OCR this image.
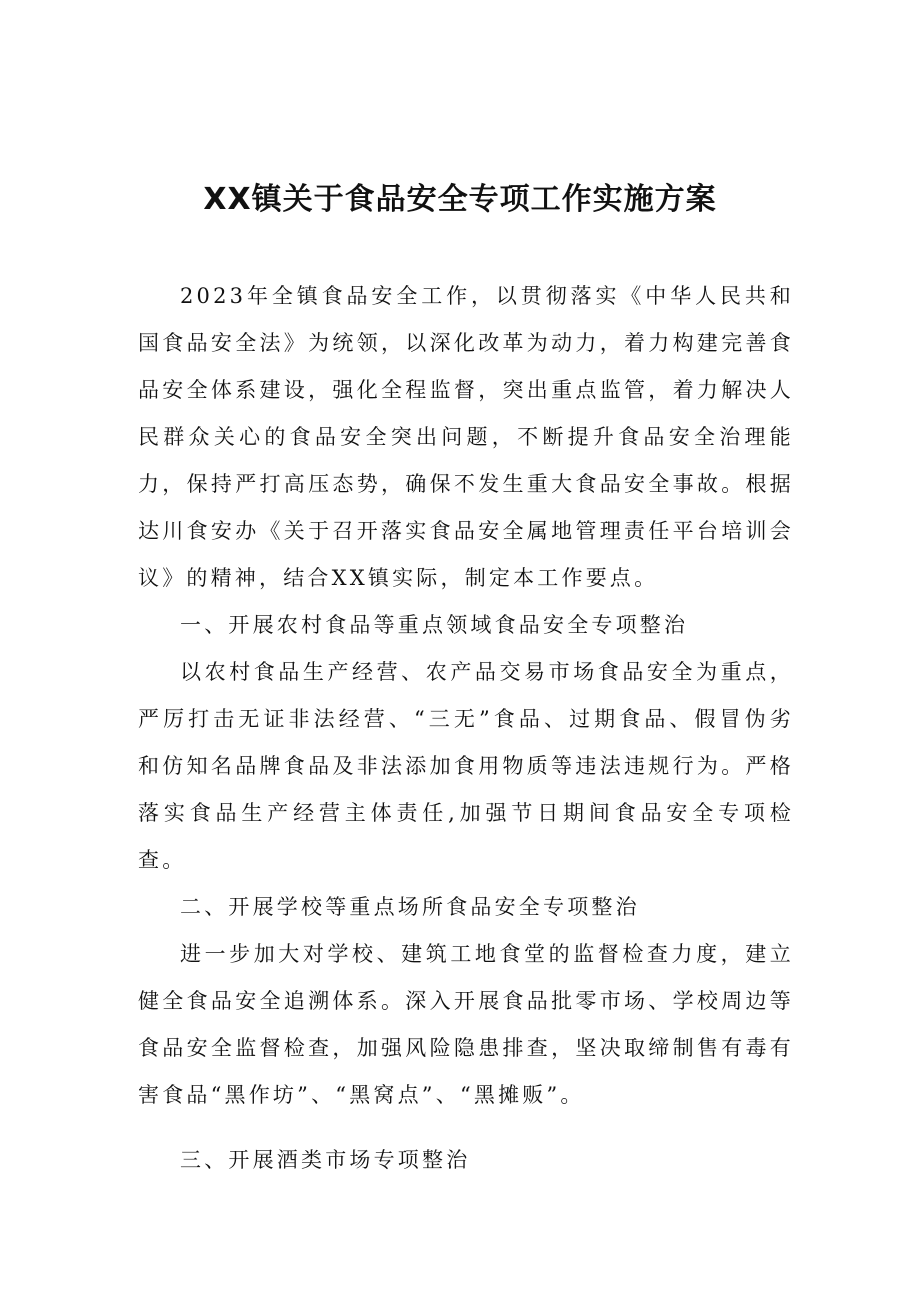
XX镇关于食品安全专项工作实施方案

2023年全镇食品安全工作，以贯彻落实《中华人民共和国食品安全法》为统领，以深化改革为动力，着力构建完善食品安全体系建设，强化全程监督，突出重点监管，着力解决人民群众关心的食品安全突出问题，不断提升食品安全治理能力，保持严打高压态势，确保不发生重大食品安全事故。根据达川食安办《关于召开落实食品安全属地管理责任平台培训会议》的精神，结合XX镇实际，制定本工作要点。

一、开展农村食品等重点领域食品安全专项整治

以农村食品生产经营、农产品交易市场食品安全为重点，严厉打击无证非法经营、“三无”食品、过期食品、假冒伪劣和仿知名品牌食品及非法添加食用物质等违法违规行为。严格落实食品生产经营主体责任,加强节日期间食品安全专项检查。

二、开展学校等重点场所食品安全专项整治

进一步加大对学校、建筑工地食堂的监督检查力度，建立健全食品安全追溯体系。深入开展食品批零市场、学校周边等食品安全监督检查，加强风险隐患排查，坚决取缔制售有毒有害食品“黑作坊”、“黑窝点”、“黑摊贩”。

三、开展酒类市场专项整治
